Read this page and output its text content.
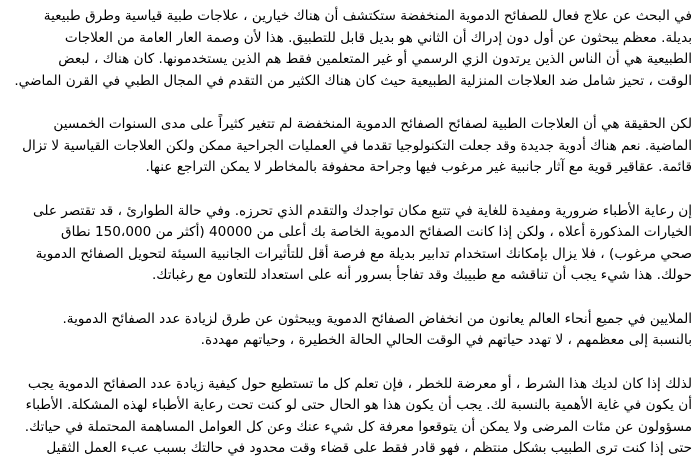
في البحث عن علاج فعال للصفائح الدموية المنخفضة ستكتشف أن هناك خيارين ، علاجات طبية قياسية وطرق طبيعية
بديلة. معظم يبحثون عن أول دون إدراك أن الثاني هو بديل قابل للتطبيق. هذا لأن وصمة العار العامة من العلاجات
الطبيعية هي أن الناس الذين يرتدون الزي الرسمي أو غير المتعلمين فقط هم الذين يستخدمونها. كان هناك ، لبعض
الوقت ، تحيز شامل ضد العلاجات المنزلية الطبيعية حيث كان هناك الكثير من التقدم في المجال الطبي في القرن الماضي.

لكن الحقيقة هي أن العلاجات الطبية لصفائح الصفائح الدموية المنخفضة لم تتغير كثيراً على مدى السنوات الخمسين
الماضية. نعم هناك أدوية جديدة وقد جعلت التكنولوجيا تقدما في العمليات الجراحية ممكن ولكن العلاجات القياسية لا تزال
قائمة. عقاقير قوية مع آثار جانبية غير مرغوب فيها وجراحة محفوفة بالمخاطر لا يمكن التراجع عنها.

إن رعاية الأطباء ضرورية ومفيدة للغاية في تتبع مكان تواجدك والتقدم الذي تحرزه. وفي حالة الطوارئ ، قد تقتصر على
الخيارات المذكورة أعلاه ، ولكن إذا كانت الصفائح الدموية الخاصة بك أعلى من 40000 (أكثر من 150،000 نطاق
صحي مرغوب) ، فلا يزال بإمكانك استخدام تدابير بديلة مع فرصة أقل للتأثيرات الجانبية السيئة لتحويل الصفائح الدموية
حولك. هذا شيء يجب أن تناقشه مع طبيبك وقد تفاجأ بسرور أنه على استعداد للتعاون مع رغباتك.

الملايين في جميع أنحاء العالم يعانون من انخفاض الصفائح الدموية ويبحثون عن طرق لزيادة عدد الصفائح الدموية.
بالنسبة إلى معظمهم ، لا تهدد حياتهم في الوقت الحالي الحالة الخطيرة ، وحياتهم مهددة.

لذلك إذا كان لديك هذا الشرط ، أو معرضة للخطر ، فإن تعلم كل ما تستطيع حول كيفية زيادة عدد الصفائح الدموية يجب
أن يكون في غاية الأهمية بالنسبة لك. يجب أن يكون هذا هو الحال حتى لو كنت تحت رعاية الأطباء لهذه المشكلة. الأطباء
مسؤولون عن مئات المرضى ولا يمكن أن يتوقعوا معرفة كل شيء عنك وعن كل العوامل المساهمة المحتملة في حياتك.
حتى إذا كنت ترى الطبيب بشكل منتظم ، فهو قادر فقط على قضاء وقت محدود في حالتك بسبب عبء العمل الثقيل
